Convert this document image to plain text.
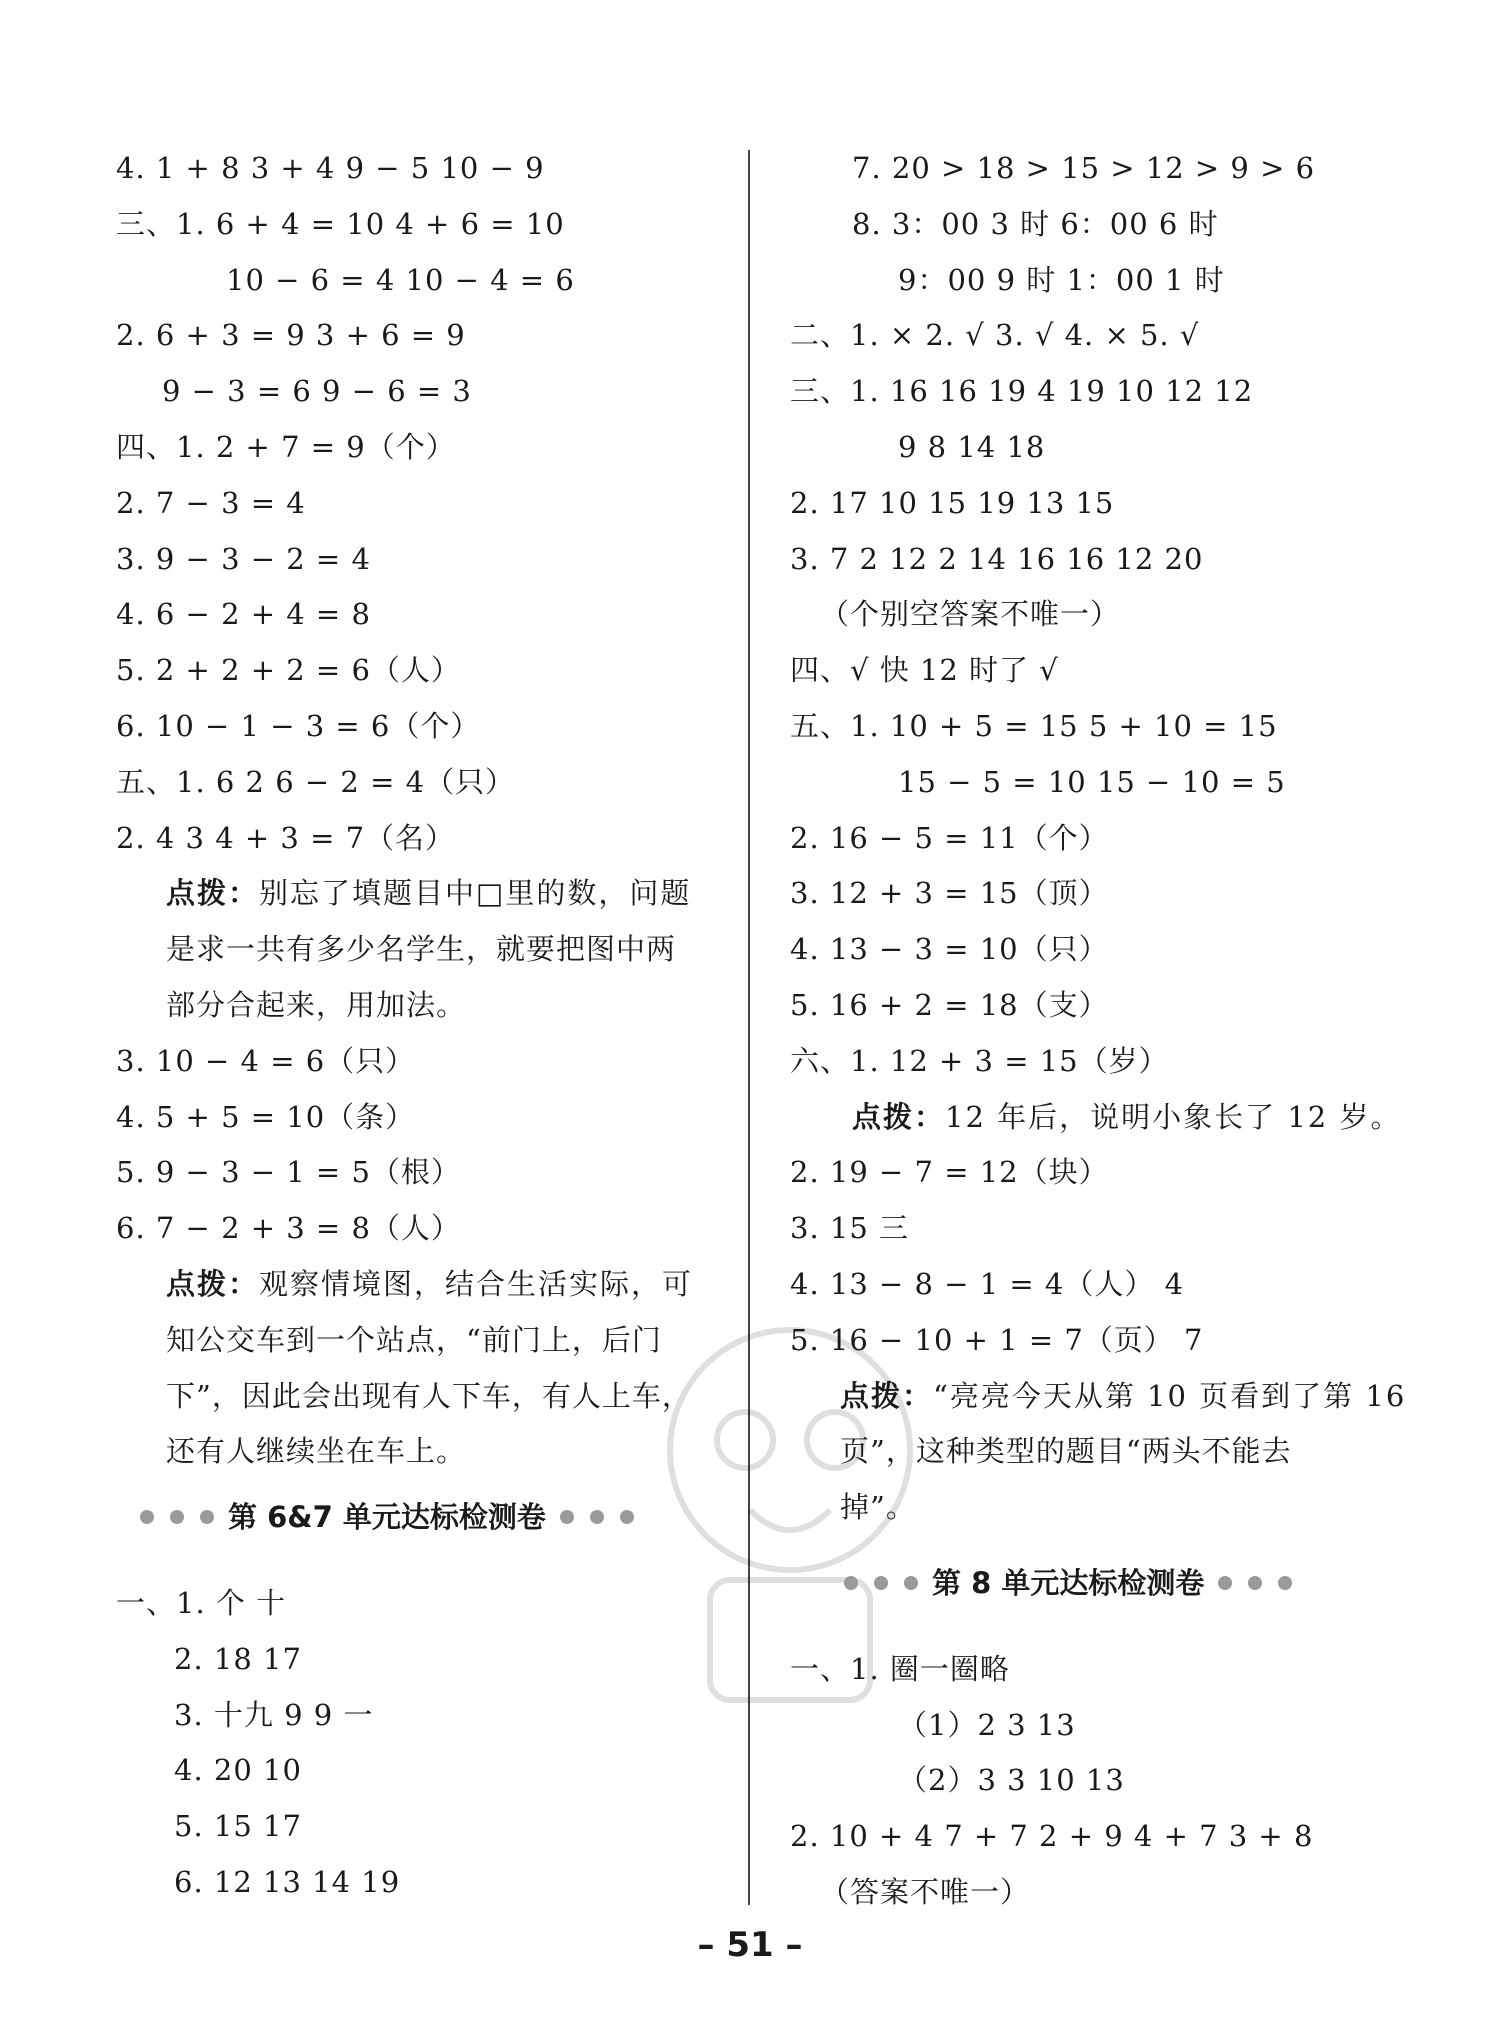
4. 1 + 8 3 + 4 9 − 5 10 − 9
三、1. 6 + 4 = 10 4 + 6 = 10
10 − 6 = 4 10 − 4 = 6
2. 6 + 3 = 9 3 + 6 = 9
9 − 3 = 6 9 − 6 = 3
四、1. 2 + 7 = 9（个）
2. 7 − 3 = 4
3. 9 − 3 − 2 = 4
4. 6 − 2 + 4 = 8
5. 2 + 2 + 2 = 6（人）
6. 10 − 1 − 3 = 6（个）
五、1. 6 2 6 − 2 = 4（只）
2. 4 3 4 + 3 = 7（名）
点拨：别忘了填题目中□里的数，问题
是求一共有多少名学生，就要把图中两
部分合起来，用加法。
3. 10 − 4 = 6（只）
4. 5 + 5 = 10（条）
5. 9 − 3 − 1 = 5（根）
6. 7 − 2 + 3 = 8（人）
点拨：观察情境图，结合生活实际，可
知公交车到一个站点，“前门上，后门
下”，因此会出现有人下车，有人上车，
还有人继续坐在车上。
第 6&7 单元达标检测卷
一、1. 个 十
2. 18 17
3. 十九 9 9 一
4. 20 10
5. 15 17
6. 12 13 14 19
7. 20 > 18 > 15 > 12 > 9 > 6
8. 3：00 3 时 6：00 6 时
9：00 9 时 1：00 1 时
二、1. × 2. √ 3. √ 4. × 5. √
三、1. 16 16 19 4 19 10 12 12
9 8 14 18
2. 17 10 15 19 13 15
3. 7 2 12 2 14 16 16 12 20
（个别空答案不唯一）
四、√ 快 12 时了 √
五、1. 10 + 5 = 15 5 + 10 = 15
15 − 5 = 10 15 − 10 = 5
2. 16 − 5 = 11（个）
3. 12 + 3 = 15（顶）
4. 13 − 3 = 10（只）
5. 16 + 2 = 18（支）
六、1. 12 + 3 = 15（岁）
点拨：12 年后，说明小象长了 12 岁。
2. 19 − 7 = 12（块）
3. 15 三
4. 13 − 8 − 1 = 4（人） 4
5. 16 − 10 + 1 = 7（页） 7
点拨：“亮亮今天从第 10 页看到了第 16
页”，这种类型的题目“两头不能去
掉”。
第 8 单元达标检测卷
一、1. 圈一圈略
（1）2 3 13
（2）3 3 10 13
2. 10 + 4 7 + 7 2 + 9 4 + 7 3 + 8
（答案不唯一）
– 51 –
